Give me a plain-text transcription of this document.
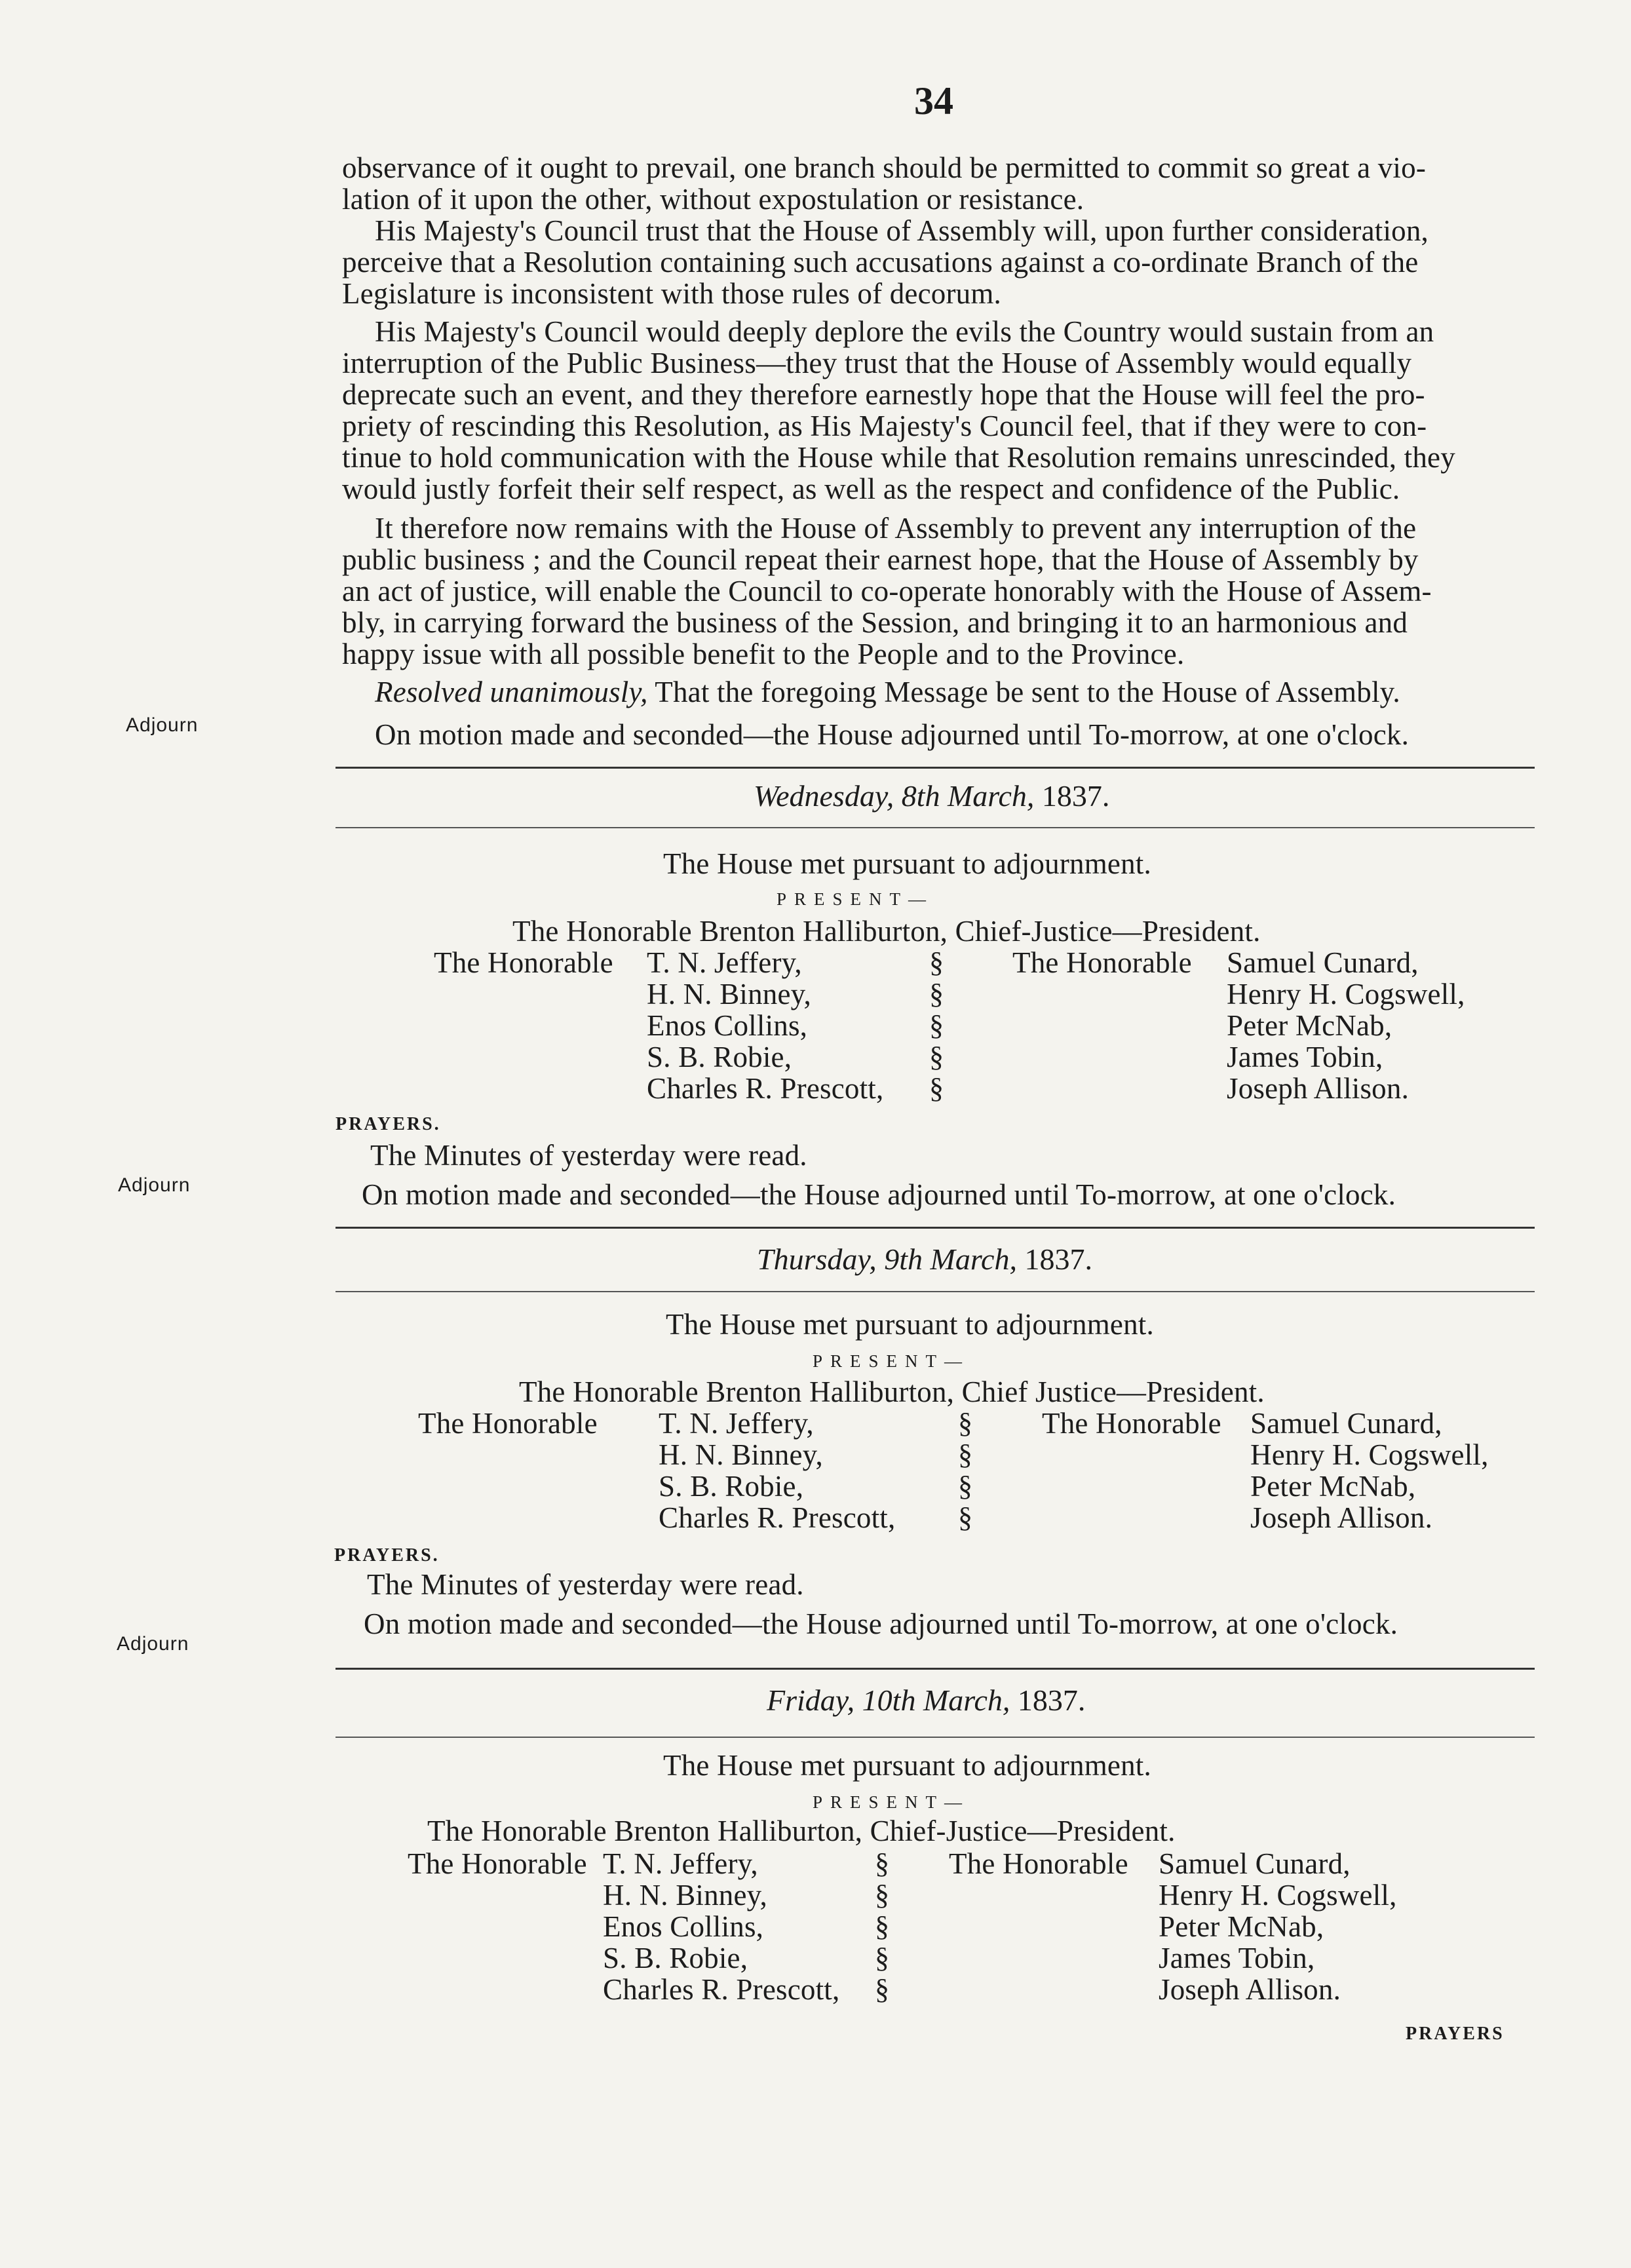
34
observance of it ought to prevail, one branch should be permitted to commit so great a vio-
lation of it upon the other, without expostulation or resistance.
His Majesty's Council trust that the House of Assembly will, upon further consideration,
perceive that a Resolution containing such accusations against a co-ordinate Branch of the
Legislature is inconsistent with those rules of decorum.
His Majesty's Council would deeply deplore the evils the Country would sustain from an
interruption of the Public Business—they trust that the House of Assembly would equally
deprecate such an event, and they therefore earnestly hope that the House will feel the pro-
priety of rescinding this Resolution, as His Majesty's Council feel, that if they were to con-
tinue to hold communication with the House while that Resolution remains unrescinded, they
would justly forfeit their self respect, as well as the respect and confidence of the Public.
It therefore now remains with the House of Assembly to prevent any interruption of the
public business ; and the Council repeat their earnest hope, that the House of Assembly by
an act of justice, will enable the Council to co-operate honorably with the House of Assem-
bly, in carrying forward the business of the Session, and bringing it to an harmonious and
happy issue with all possible benefit to the People and to the Province.
Resolved unanimously, That the foregoing Message be sent to the House of Assembly.
Adjourn	On motion made and seconded—the House adjourned until To-morrow, at one o'clock.
Wednesday, 8th March, 1837.
The House met pursuant to adjournment.
PRESENT—
The Honorable Brenton Halliburton, Chief-Justice—President.
The Honorable T. N. Jeffery,
H. N. Binney,
Enos Collins,
S. B. Robie,
Charles R. Prescott,
§
§
§
§
§
The Honorable Samuel Cunard,
Henry H. Cogswell,
Peter McNab,
James Tobin,
Joseph Allison.
PRAYERS.
The Minutes of yesterday were read.
Adjourn	On motion made and seconded—the House adjourned until To-morrow, at one o'clock.
Thursday, 9th March, 1837.
The House met pursuant to adjournment.
PRESENT—
The Honorable Brenton Halliburton, Chief Justice—President.
The Honorable T. N. Jeffery,
H. N. Binney,
S. B. Robie,
Charles R. Prescott,
§
§
§
§
The Honorable Samuel Cunard,
Henry H. Cogswell,
Peter McNab,
Joseph Allison.
PRAYERS.
The Minutes of yesterday were read.
Adjourn
On motion made and seconded—the House adjourned until To-morrow, at one o'clock.
Friday, 10th March, 1837.
The House met pursuant to adjournment.
PRESENT—
The Honorable Brenton Halliburton, Chief-Justice—President.
The Honorable T. N. Jeffery,
H. N. Binney,
Enos Collins,
S. B. Robie,
Charles R. Prescott,
§
§
§
§
§
The Honorable Samuel Cunard,
Henry H. Cogswell,
Peter McNab,
James Tobin,
Joseph Allison.
PRAYERS
